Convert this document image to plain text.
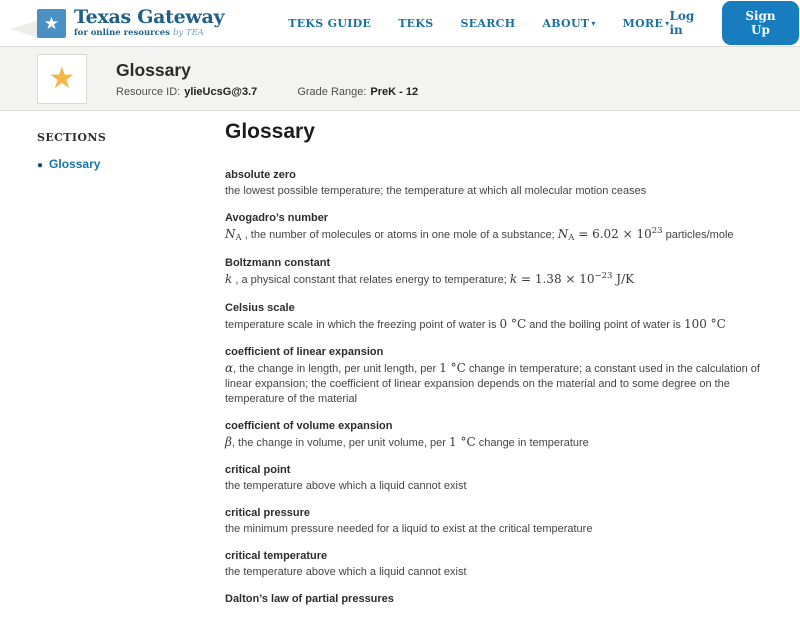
★ Texas Gateway
for online resources by TEA
TEKS GUIDE TEKS SEARCH ABOUT ▾ MORE ▾ Log in
Sign Up
★	Glossary
Resource ID: ylieUcsG@3.7	Grade Range: PreK - 12
SECTIONS
● Glossary
Glossary
absolute zero
the lowest possible temperature; the temperature at which all molecular motion ceases
Avogadro’s number
$N_A$ , the number of molecules or atoms in one mole of a substance; $N_A = 6.02 \times 10^{23}$ particles/mole
Boltzmann constant
k , a physical constant that relates energy to temperature; $k = 1.38 \times 10^{-23}$ J/K
Celsius scale
temperature scale in which the freezing point of water is 0 °C and the boiling point of water is 100 °C
coefficient of linear expansion
α, the change in length, per unit length, per 1 °C change in temperature; a constant used in the calculation of linear expansion; the coefficient of linear expansion depends on the material and to some degree on the temperature of the material
coefficient of volume expansion
β, the change in volume, per unit volume, per 1 °C change in temperature
critical point
the temperature above which a liquid cannot exist
critical pressure
the minimum pressure needed for a liquid to exist at the critical temperature
critical temperature
the temperature above which a liquid cannot exist
Dalton’s law of partial pressures
